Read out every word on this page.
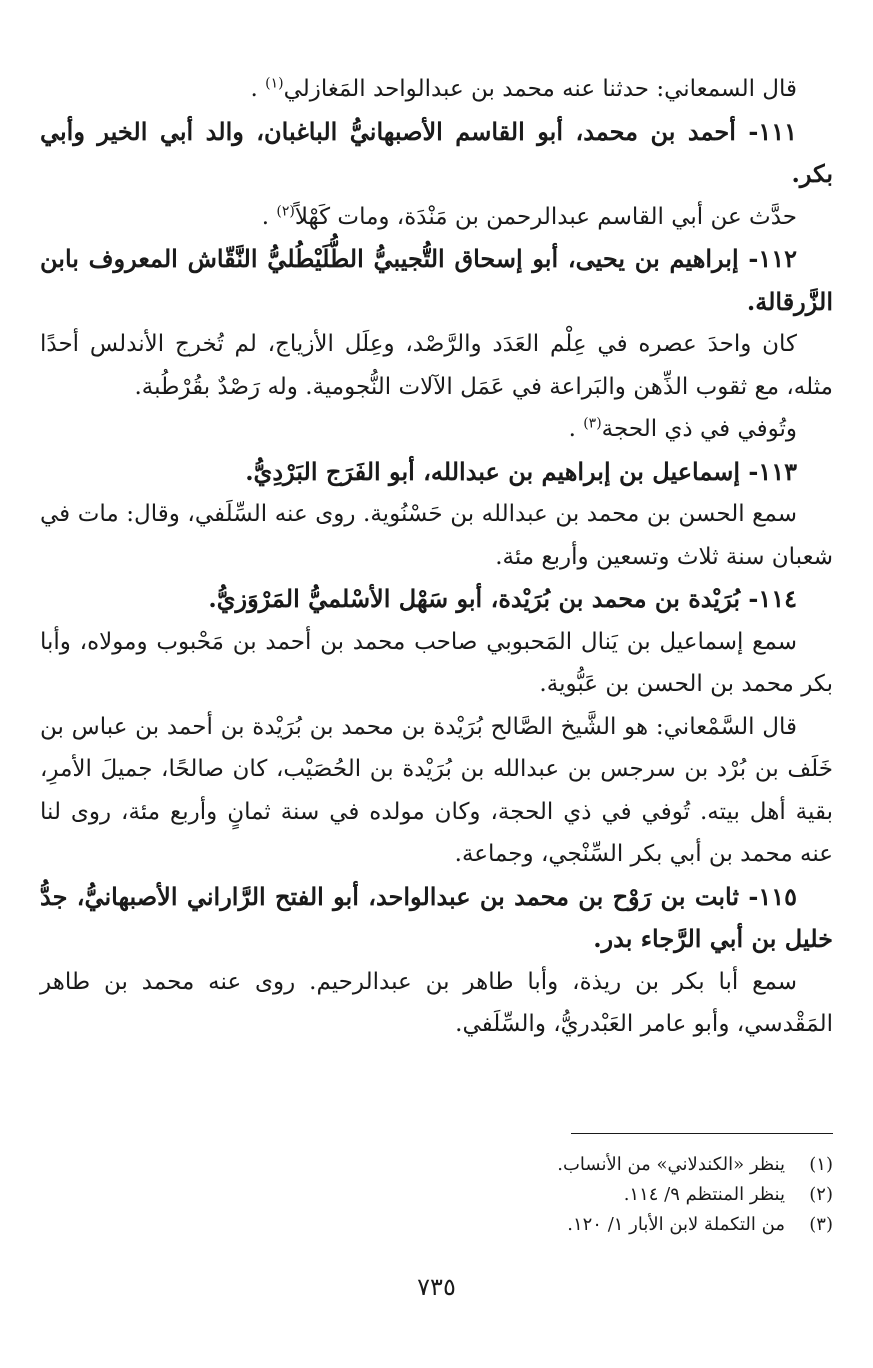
قال السمعاني: حدثنا عنه محمد بن عبدالواحد المَغازلي$^{(١)}$ .

١١١- أحمد بن محمد، أبو القاسم الأصبهانيُّ الباغبان، والد أبي الخير وأبي بكر.

حدَّث عن أبي القاسم عبدالرحمن بن مَنْدَة، ومات كَهْلاً$^{(٢)}$ .

١١٢- إبراهيم بن يحيى، أبو إسحاق التُّجيبيُّ الطُّلَيْطُليُّ النَّقّاش المعروف بابن الزَّرقالة.

كان واحدَ عصره في عِلْم العَدَد والرَّصْد، وعِلَل الأزياج، لم تُخرج الأندلس أحدًا مثله، مع ثقوب الذِّهن والبَراعة في عَمَل الآلات النُّجومية. وله رَصْدٌ بقُرْطُبة.

وتُوفي في ذي الحجة$^{(٣)}$ .

١١٣- إسماعيل بن إبراهيم بن عبدالله، أبو الفَرَج البَرْدِيُّ.

سمع الحسن بن محمد بن عبدالله بن حَسْنُوية. روى عنه السِّلَفي، وقال: مات في شعبان سنة ثلاث وتسعين وأربع مئة.

١١٤- بُرَيْدة بن محمد بن بُرَيْدة، أبو سَهْل الأسْلميُّ المَرْوَزيُّ.

سمع إسماعيل بن يَنال المَحبوبي صاحب محمد بن أحمد بن مَحْبوب ومولاه، وأبا بكر محمد بن الحسن بن عَبُّوية.

قال السَّمْعاني: هو الشَّيخ الصَّالح بُرَيْدة بن محمد بن بُرَيْدة بن أحمد بن عباس بن خَلَف بن بُرْد بن سرجس بن عبدالله بن بُرَيْدة بن الحُصَيْب، كان صالحًا، جميلَ الأمرِ، بقية أهل بيته. تُوفي في ذي الحجة، وكان مولده في سنة ثمانٍ وأربع مئة، روى لنا عنه محمد بن أبي بكر السِّنْجي، وجماعة.

١١٥- ثابت بن رَوْح بن محمد بن عبدالواحد، أبو الفتح الرَّاراني الأصبهانيُّ، جدُّ خليل بن أبي الرَّجاء بدر.

سمع أبا بكر بن ريذة، وأبا طاهر بن عبدالرحيم. روى عنه محمد بن طاهر المَقْدسي، وأبو عامر العَبْدريُّ، والسِّلَفي.

(١)
ينظر «الكندلاني» من الأنساب.
(٢)
ينظر المنتظم ٩/ ١١٤.
(٣)
من التكملة لابن الأبار ١/ ١٢٠.
٧٣٥
